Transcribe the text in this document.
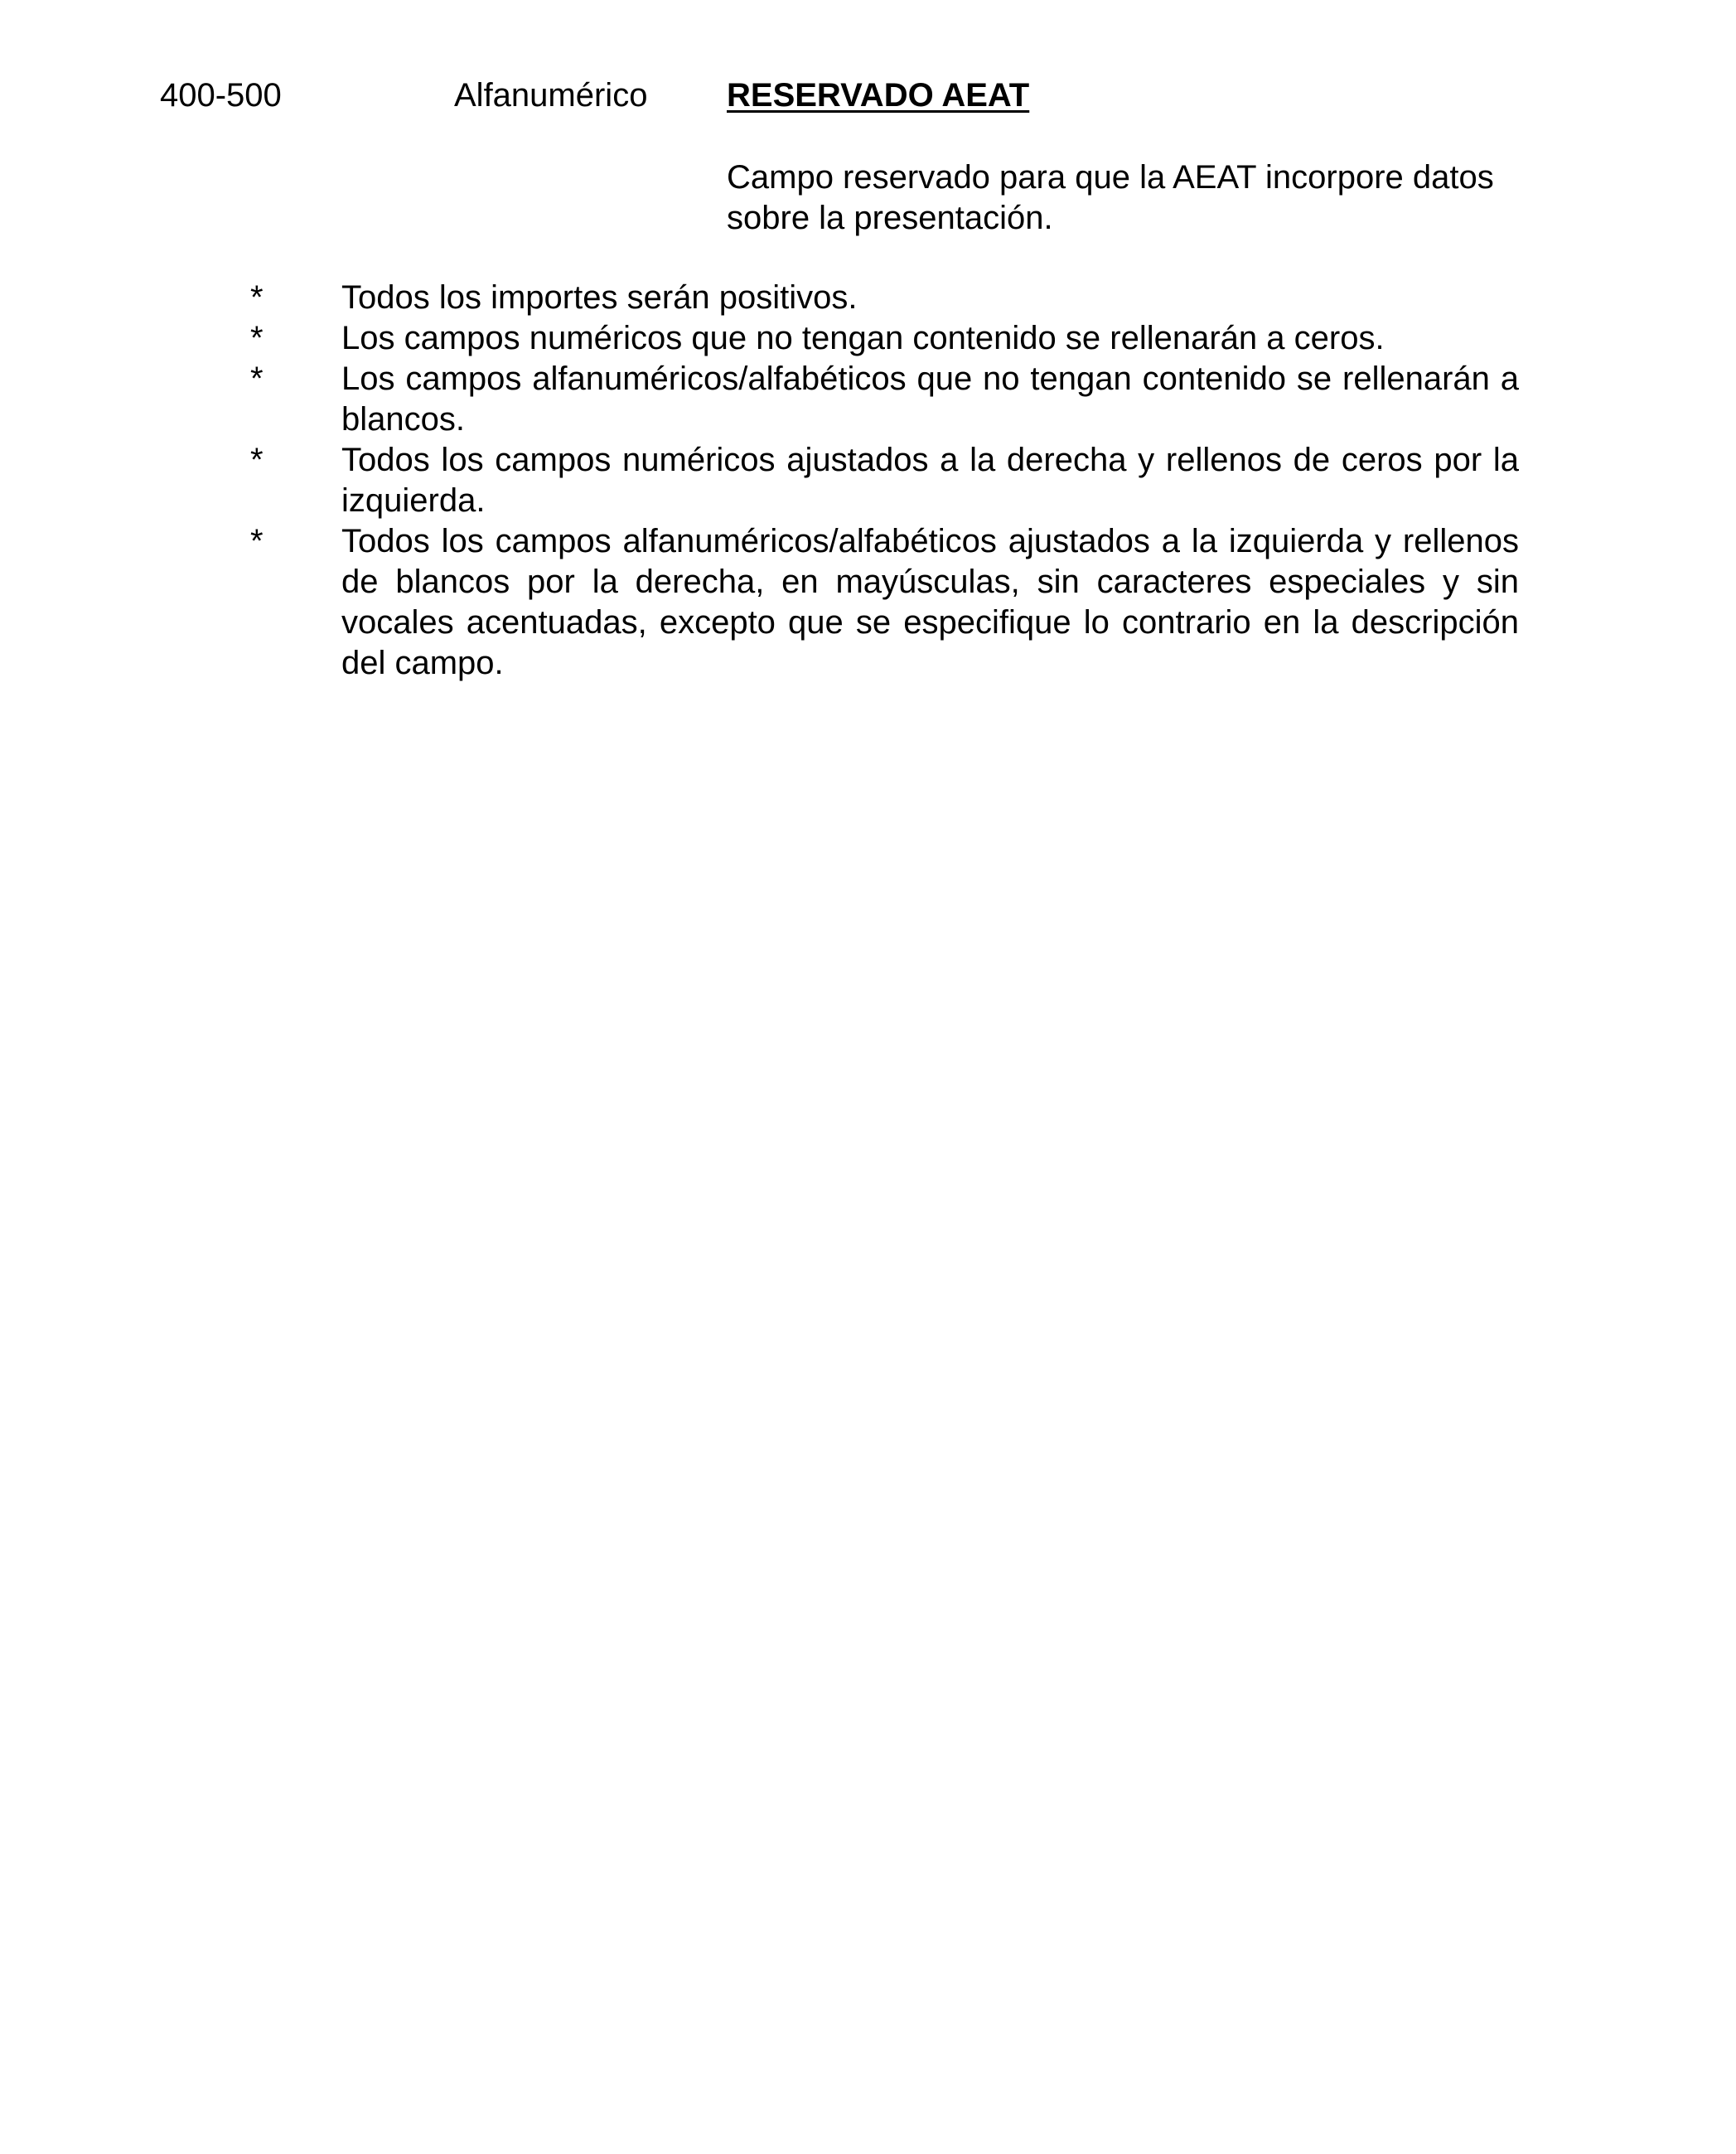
400-500	Alfanumérico RESERVADO AEAT
Campo reservado para que la AEAT incorpore datos sobre la presentación.
* Todos los importes serán positivos.
* Los campos numéricos que no tengan contenido se rellenarán a ceros.
* Los campos alfanuméricos/alfabéticos que no tengan contenido se rellenarán a blancos.
* Todos los campos numéricos ajustados a la derecha y rellenos de ceros por la izquierda.
* Todos los campos alfanuméricos/alfabéticos ajustados a la izquierda y rellenos de blancos por la derecha, en mayúsculas, sin caracteres especiales y sin vocales acentuadas, excepto que se especifique lo contrario en la descripción del campo.
